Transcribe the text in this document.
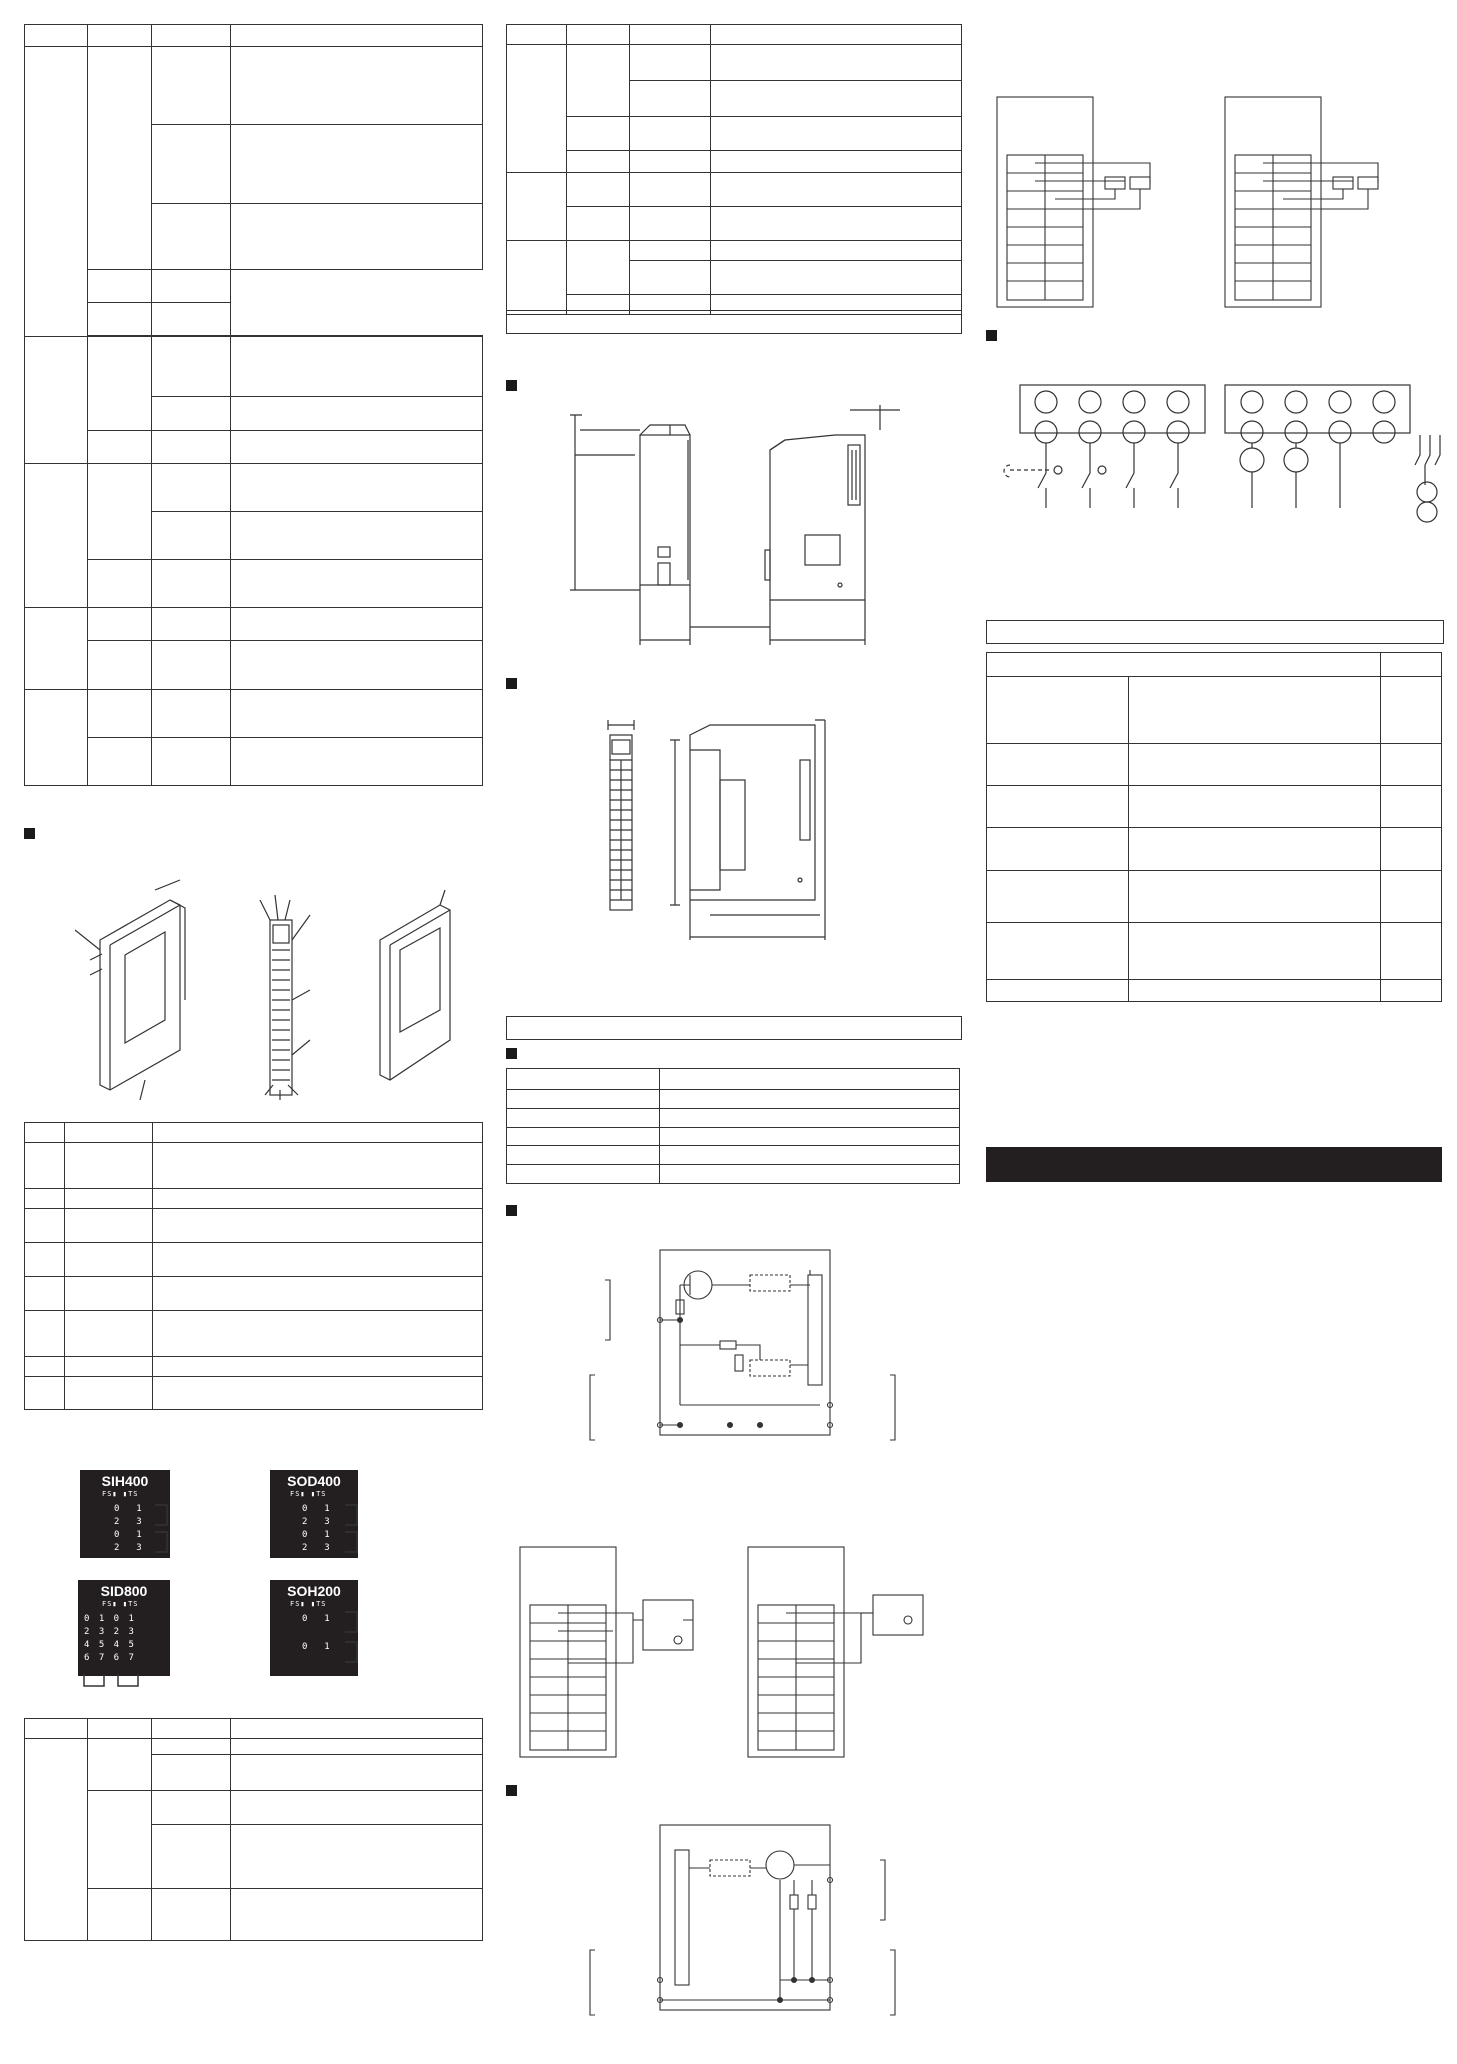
SIH400
FS▮ ▮TS
0  1
2  3
0  1
2  3
SOD400
FS▮ ▮TS
0  1
2  3
0  1
2  3
SID800
FS▮ ▮TS
0 1 0 1
2 3 2 3
4 5 4 5
6 7 6 7
SOH200
FS▮ ▮TS
0  1
0  1
